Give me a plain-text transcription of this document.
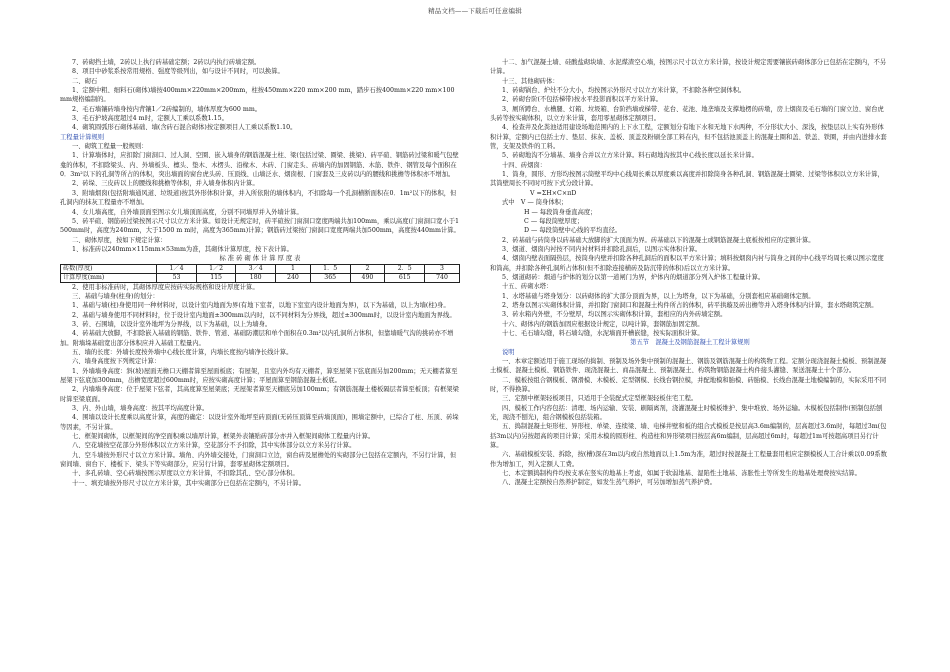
精品文档——下载后可任意编辑

7、砖砌挡土墙，2砖以上执行砖基础定额；2砖以内执行砖墙定额。

8、项目中砂浆系按常用规格、强度等级列出，如与设计不同时，可以换算。

二、砌石

1、定额中粗、细料石(砌体)墙按400mm×220mm×200mm，柱按450mm×220 mm×200 mm，踏步石按400mm×220 mm×100mm规格编制的。

2、毛石墙镶砖墙身按内背镶1／2砖编制的，墙体厚度为600 mm。

3、毛石护坡高度超过4 m时，定额人工乘以系数1.15。

4、砌筑圆弧形石砌体基础、墙(含砖石混合砌体)按定额项目人工乘以系数1.10。

工程量计算规则

一、砌筑工程量一般规则：

1、计算墙体时，应扣除门窗洞口、过人洞、空圈、嵌入墙身的钢筋混凝土柱、梁(包括过梁、圈梁、挑梁)、砖平碹、钢筋砖过梁和暖气包壁龛的体积，不扣除梁头、内、外墙板头、檩头、垫木、木楞头、沿椽木、木砖、门窗走头、砖墙内的加固钢筋、木筋、铁件、钢管及每个面积在0．3m²以下的孔洞等所占的体积，突出墙面的窗台虎头砖、压顶线、山墙泛水、烟囱根、门窗套及三皮砖以内的腰线和挑檐等体积亦不增加。

2、砖垛、三皮砖以上的腰线和挑檐等体积，并入墙身体积内计算。

3、附墙烟囱(包括附墙通风道、垃圾道)按其外形体积计算，并入所依附的墙体积内，不扣除每一个孔洞横断面积在0．1m²以下的体积，但孔洞内的抹灰工程量亦不增加。

4、女儿墙高度，自外墙顶面至图示女儿墙顶面高度，分别不同墙厚并入外墙计算。

5、砖平碹、钢筋砖过梁按图示尺寸以立方米计算。如设计无规定时，砖平碹按门窗洞口宽度两端共加100mm，乘以高度(门窗洞口宽小于1500mm时，高度为240mm，大于1500 m m时，高度为365mm)计算；钢筋砖过梁按门窗洞口宽度两端共加500mm，高度按440mm计算。

二、砌体厚度，按如下规定计算：

1、标准砖以240mm×115mm×53mm为准，其砌体计算厚度，按下表计算。

标 准 砖 砌 体 计 算 厚 度 表

砖数(厚度)	1／4	1／2	3／4	1	1．5	2	2．5	3
计算厚度(mm)	53	115	180	240	365	490	615	740

2、使用非标准砖时，其砌体厚度应按砖实际规格和设计厚度计算。

三、基础与墙身(柱身)的划分：

1、基础与墙(柱)身使用同一种材料时，以设计室内地面为界(有地下室者，以地下室室内设计地面为界)，以下为基础，以上为墙(柱)身。

2、基础与墙身使用不同材料时，位于设计室内地面±300mm以内时，以不同材料为分界线，超过±300mm时，以设计室内地面为界线。

3、砖、石围墙，以设计室外地坪为分界线，以下为基础，以上为墙身。

4、砖基础大放脚，不扣除嵌入基础的钢筋、铁件、管道、基础防潮层和单个面积在0.3m²以内孔洞所占体积，但靠墙暖气沟的挑砖亦不增加。附墙垛基础宽出部分体积应并入基础工程量内。

五、墙的长度：外墙长度按外墙中心线长度计算，内墙长度按内墙净长线计算。

六、墙身高度按下列规定计算：

1、外墙墙身高度：斜(坡)屋面无檐口天棚者算至屋面板底；有屋架，且室内外均有天棚者，算至屋架下弦底面另加200mm；无天棚者算至屋架下弦底加300mm，出檐宽度超过600mm时，应按实砌高度计算；平屋面算至钢筋混凝土板底。

2、内墙墙身高度：位于屋架下弦者，其高度算至屋架底；无屋架者算至天棚底另加100mm；有钢筋混凝土楼板隔层者算至板顶；有框架梁时算至梁底面。

3、内、外山墙，墙身高度：按其平均高度计算。

4、围墙以设计长度乘以高度计算，高度的确定：以设计室外地坪至砖顶面(无砖压顶算至砖墙顶面)，围墙定额中，已综合了柱、压顶、砖垛等因素，不另计算。

七、框架间砌体，以框架间的净空面积乘以墙厚计算，框架外表镶贴砖部分亦并入框架间砌体工程量内计算。

八、空花墙按空花部分外形体积以立方米计算，空花部分不予扣除，其中实体部分以立方米另行计算。

九、空斗墙按外形尺寸以立方米计算。墙角、内外墙交接处，门窗洞口立边，窗台砖及屋檐处的实砌部分已包括在定额内，不另行计算，但窗间墙、窗台下、楼板下、梁头下等实砌部分，应另行计算，套零星砌体定额项目。

十、多孔砖墙、空心砖墙按图示厚度以立方米计算，不扣除其孔、空心部分体积。

十一、填充墙按外形尺寸以立方米计算，其中实砌部分已包括在定额内，不另计算。

十二、加气混凝土墙、硅酸盐砌块墙、水泥煤渣空心墙，按图示尺寸以立方米计算，按设计规定需要镶嵌砖砌体部分已包括在定额内，不另计算。

十三、其他砌砖体：

1、砖砌锅台、炉灶不分大小，均按图示外形尺寸以立方米计算，不扣除各种空洞体积。

2、砖砌台阶(不包括梯带)按水平投影面积以平方米计算。

3、厕所蹲台、水槽腿、灯箱、垃圾箱、台阶挡墙或梯带、花台、花池、地垄墙及支撑地楞的砖墩，房上烟囱及毛石墙的门窗立边、窗台虎头砖等按实砌体积，以立方米计算，套用零星砌体定额项目。

4、检查井及化粪池适用建设场地范围内的上下水工程，定额划分有地下水和无地下水两种，不分形状大小、深浅，按垫层以上实有外形体积计算，定额内已包括土方、垫层、抹灰、盖板、顶盖及粉刷全部工料在内，但不包括池顶盖上的混凝土圈和盖、铁盖、铁圈，并由内进排水套管，支架及铁件的工料。

5、砖砌地沟不分墙基、墙身合并以立方米计算。料石砌地沟按其中心线长度以延长米计算。

十四、砖烟囱：

1、筒身，圆形、方形均按图示筒壁平均中心线周长乘以厚度乘以高度并扣除筒身各种孔洞、钢筋混凝土圈梁、过梁等体积以立方米计算，其筒壁周长不同时可按下式分段计算。

V =ΣH×C×πD

式中　V — 筒身体积；

H — 每段筒身垂直高度；

C — 每段筒壁厚度；

D — 每段筒壁中心线的平均直径。

2、砖基础与砖筒身以砖基础大放脚的扩大顶面为界。砖基础以下的混凝土或钢筋混凝土底板按相应的定额计算。

3、烟道、烟囱内衬按不同内衬材料并扣除孔洞后，以图示实体积计算。

4、烟囱内壁表面隔热层，按筒身内壁并扣除各种孔洞后的面积以平方米计算；填料按烟囱内衬与筒身之间的中心线平均周长乘以图示宽度和筒高，并扣除各种孔洞所占体积(但不扣除连接横砖及防沉带的体积)后以立方米计算。

5、烟道砌砖：烟道与炉体的划分以第一道闸门为界，炉体内的烟道部分列入炉体工程量计算。

十五、砖砌水塔：

1、水塔基础与塔身划分：以砖砌体的扩大部分顶面为界，以上为塔身，以下为基础，分别套相应基础砌体定额。

2、塔身以图示实砌体积计算，并扣除门窗洞口和混凝土构件所占的体积，砖平拱璇及砖出檐等并入塔身体积内计算，套水塔砌筑定额。

3、砖水箱内外壁，不分壁厚，均以图示实砌体积计算，套相应的内外砖墙定额。

十六、砌体内的钢筋加固应根据设计规定，以吨计算，套钢筋加固定额。

十七、毛石墙勾缝，料石墙勾缝，水泥墙面开槽嵌缝，按实际面积计算。

第五节　混凝土及钢筋混凝土工程计算规则

说明

一、本章定额适用于施工现场的捣制、预制及场外集中预制的混凝土、钢筋及钢筋混凝土的构筑物工程。定额分现浇混凝土模板、预制混凝土模板、混凝土模板、钢筋铁件、现浇混凝土、商品混凝土、预制混凝土、构筑物钢筋混凝土构件接头灌缝、泵送混凝土十个部分。

二、模板按组合钢模板、钢滑模、木模板、定型钢模、长线台钢拉模，并配地模和胎模、砖胎模、长线台混凝土地模编制的，实际采用不同时，不得换算。

三、定额中框架轻板项目，只适用于全装配式定型框架轻板住宅工程。

四、模板工作内容包括：清理、场内运输、安装、刷隔离剂，浇灌混凝土时模板维护、集中堆放、场外运输。木模板包括制作(预制包括刨光，现浇不刨光)，组合钢模板包括装箱。

五、捣制混凝土矩形柱、异形柱、单梁、连续梁、墙、电梯井壁和板的组合式模板是按层高3.6m编制的，层高超过3.6m时，每超过3m(包括3m以内)另按超高的项目计算；采用木模的圆形柱、构造柱和异形梁项目按层高6m编制，层高超过6m时，每超过1m可按超高项目另行计算。

六、基础模板安装、拆除，按(槽)深在3m以内或自然地面以上1.5m为准，超过时按混凝土工程量套用相应定额模板人工合计乘以0.09系数作为增加工，列入定额人工费。

七、本定额捣制构件均按支承在竖实的地基上考虑，如属于软弱地基、湿陷性土地基、冻胀性土等所发生的地基处理费按实结算。

八、混凝土定额按自然养护制定，如发生蒸气养护，可另加增加蒸气养护费。
